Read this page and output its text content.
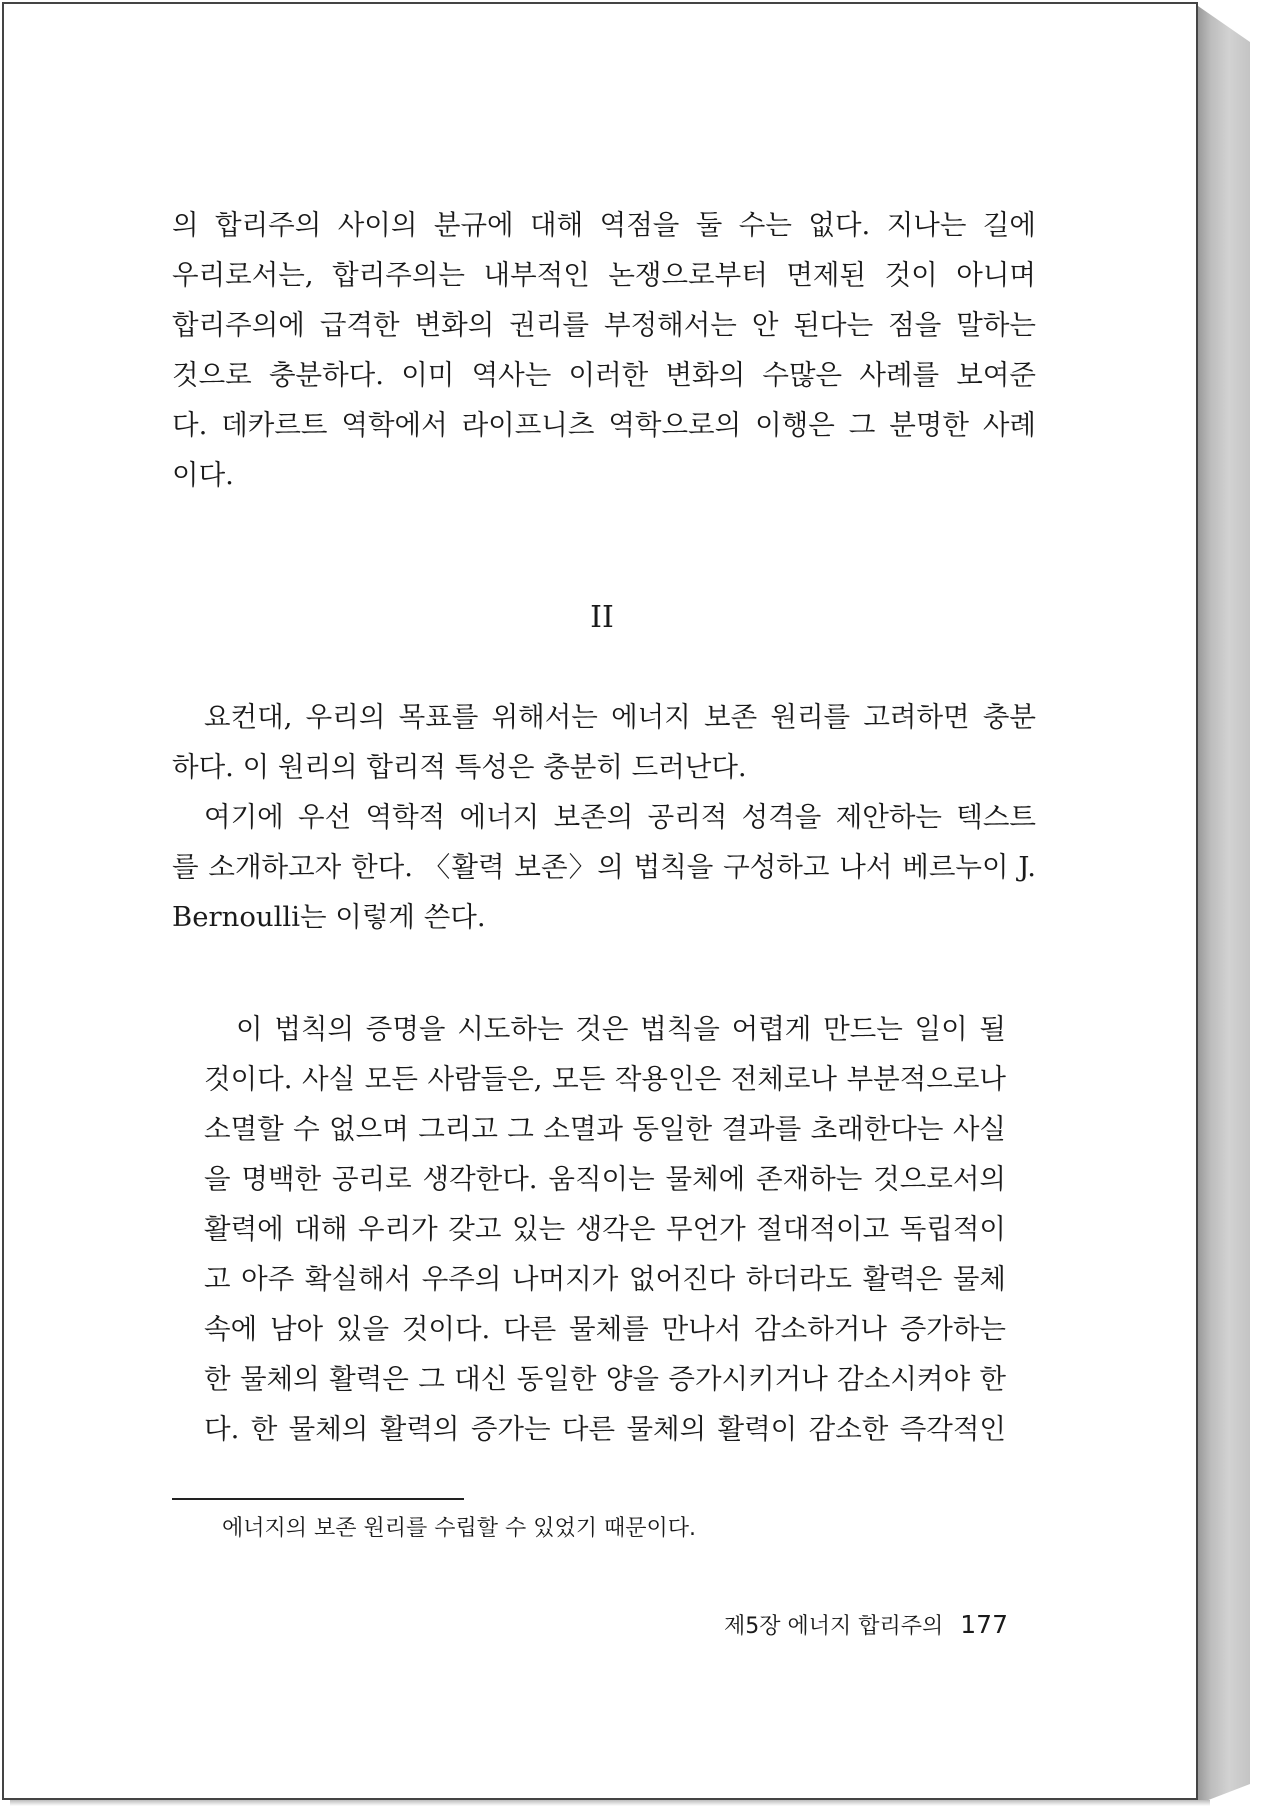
의 합리주의 사이의 분규에 대해 역점을 둘 수는 없다. 지나는 길에

우리로서는, 합리주의는 내부적인 논쟁으로부터 면제된 것이 아니며

합리주의에 급격한 변화의 권리를 부정해서는 안 된다는 점을 말하는

것으로 충분하다. 이미 역사는 이러한 변화의 수많은 사례를 보여준

다. 데카르트 역학에서 라이프니츠 역학으로의 이행은 그 분명한 사례

이다.

II

요컨대, 우리의 목표를 위해서는 에너지 보존 원리를 고려하면 충분

하다. 이 원리의 합리적 특성은 충분히 드러난다.

여기에 우선 역학적 에너지 보존의 공리적 성격을 제안하는 텍스트

를 소개하고자 한다. 〈활력 보존〉의 법칙을 구성하고 나서 베르누이 J.

Bernoulli는 이렇게 쓴다.

이 법칙의 증명을 시도하는 것은 법칙을 어렵게 만드는 일이 될

것이다. 사실 모든 사람들은, 모든 작용인은 전체로나 부분적으로나

소멸할 수 없으며 그리고 그 소멸과 동일한 결과를 초래한다는 사실

을 명백한 공리로 생각한다. 움직이는 물체에 존재하는 것으로서의

활력에 대해 우리가 갖고 있는 생각은 무언가 절대적이고 독립적이

고 아주 확실해서 우주의 나머지가 없어진다 하더라도 활력은 물체

속에 남아 있을 것이다. 다른 물체를 만나서 감소하거나 증가하는

한 물체의 활력은 그 대신 동일한 양을 증가시키거나 감소시켜야 한

다. 한 물체의 활력의 증가는 다른 물체의 활력이 감소한 즉각적인

에너지의 보존 원리를 수립할 수 있었기 때문이다.
제5장 에너지 합리주의 177
